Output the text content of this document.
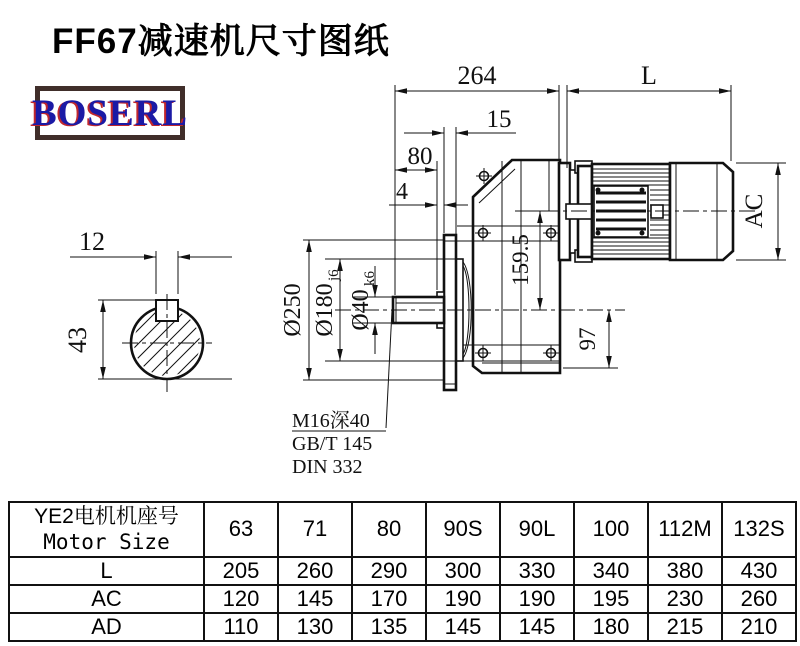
FF67减速机尺寸图纸
BOSERL
12
43
264	L
15
80
4
Ø250 Ø180
j6
Ø40
k6	159.5
97
AC
M16深40
GB/T 145
DIN 332
YE2电机机座号
Motor Size	63	71	80	90S	90L	100	112M	132S
L	205	260	290	300	330	340	380	430
AC	120	145	170	190	190	195	230	260
AD	110	130	135	145	145	180	215	210
